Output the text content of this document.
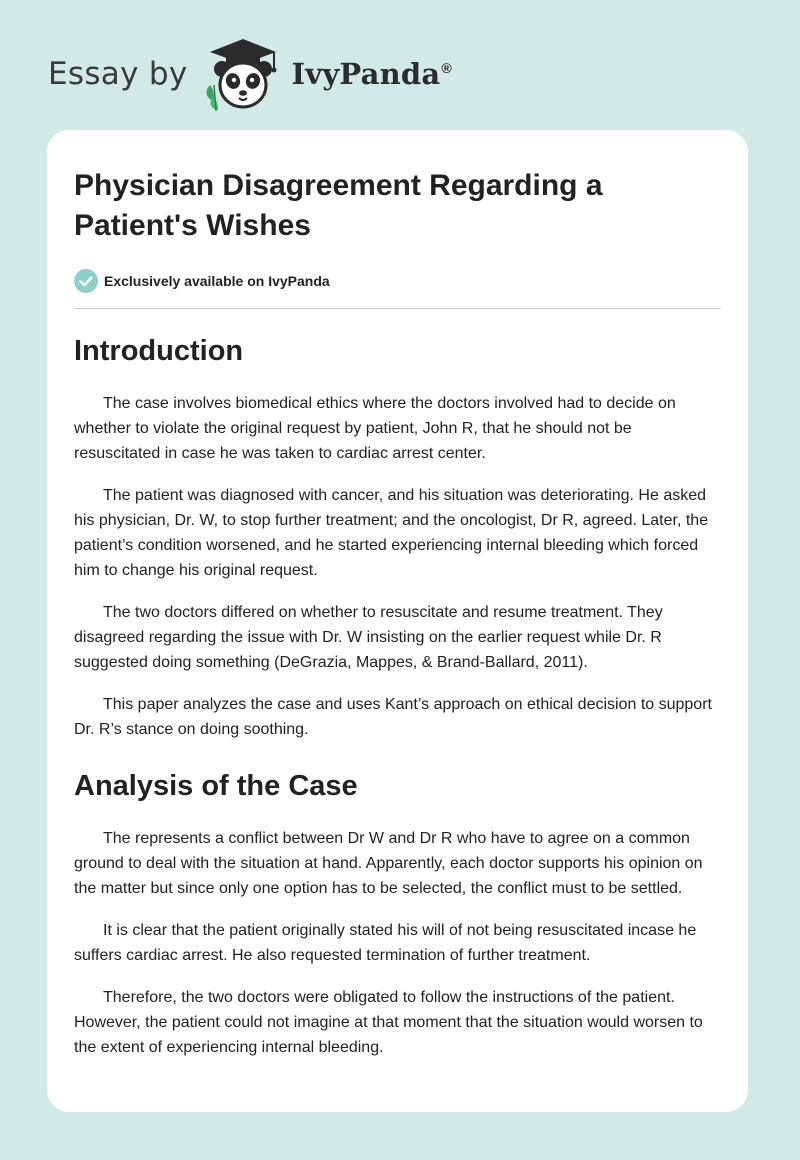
Essay by	IvyPanda®
Physician Disagreement Regarding a Patient's Wishes
Exclusively available on IvyPanda
Introduction

The case involves biomedical ethics where the doctors involved had to decide on whether to violate the original request by patient, John R, that he should not be resuscitated in case he was taken to cardiac arrest center.

The patient was diagnosed with cancer, and his situation was deteriorating. He asked his physician, Dr. W, to stop further treatment; and the oncologist, Dr R, agreed. Later, the patient’s condition worsened, and he started experiencing internal bleeding which forced him to change his original request.

The two doctors differed on whether to resuscitate and resume treatment. They disagreed regarding the issue with Dr. W insisting on the earlier request while Dr. R suggested doing something (DeGrazia, Mappes, & Brand-Ballard, 2011).

This paper analyzes the case and uses Kant’s approach on ethical decision to support Dr. R’s stance on doing soothing.

Analysis of the Case

The represents a conflict between Dr W and Dr R who have to agree on a common ground to deal with the situation at hand. Apparently, each doctor supports his opinion on the matter but since only one option has to be selected, the conflict must to be settled.

It is clear that the patient originally stated his will of not being resuscitated incase he suffers cardiac arrest. He also requested termination of further treatment.

Therefore, the two doctors were obligated to follow the instructions of the patient. However, the patient could not imagine at that moment that the situation would worsen to the extent of experiencing internal bleeding.
